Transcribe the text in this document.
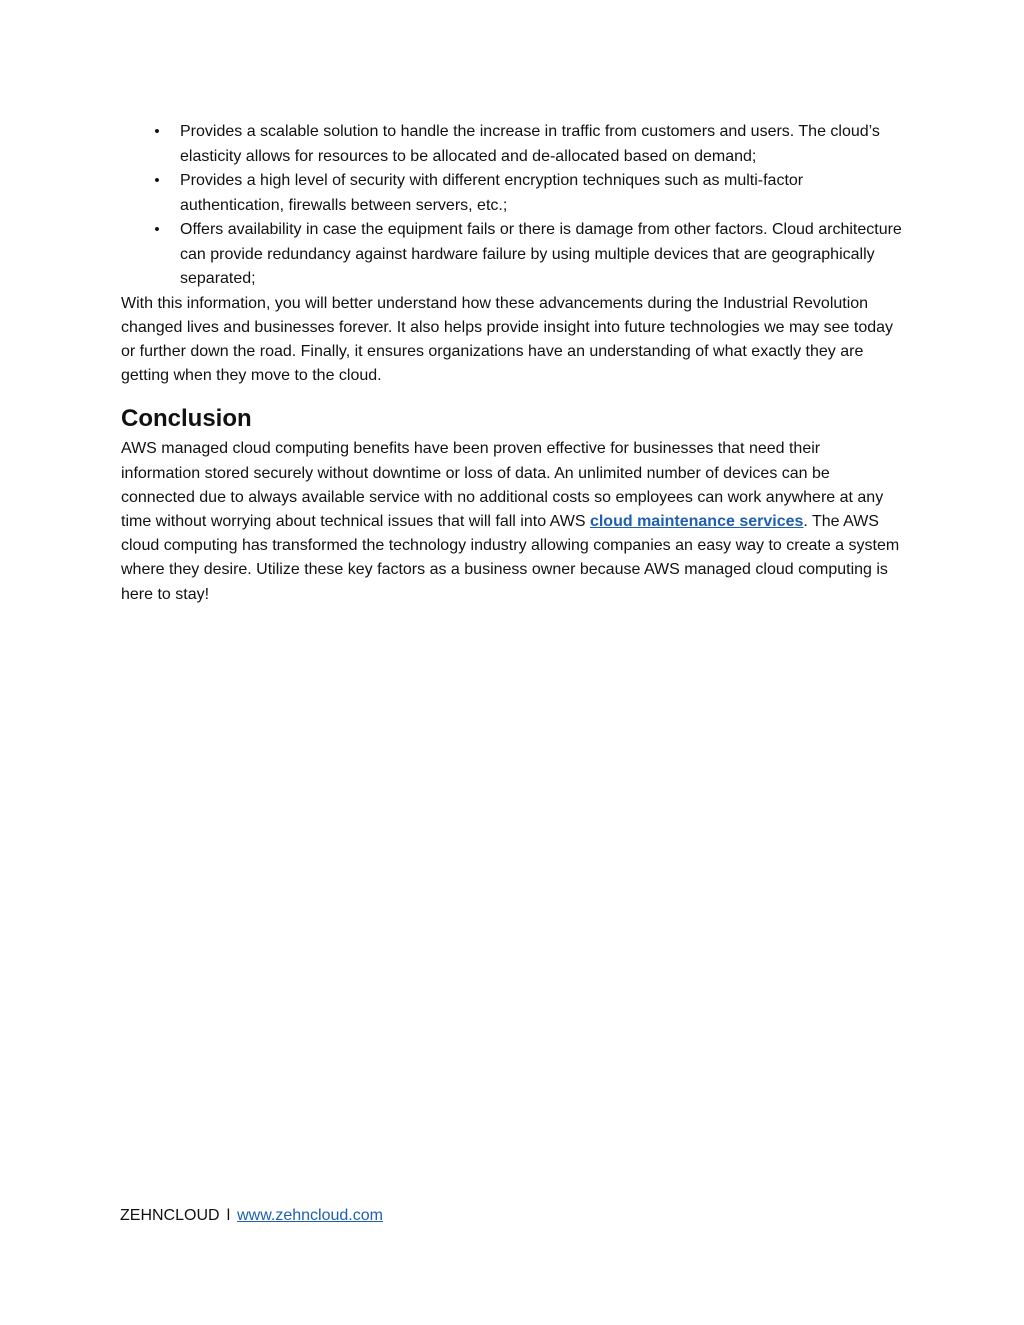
• Provides a scalable solution to handle the increase in traffic from customers and users. The cloud’s elasticity allows for resources to be allocated and de-allocated based on demand;
• Provides a high level of security with different encryption techniques such as multi-factor authentication, firewalls between servers, etc.;
• Offers availability in case the equipment fails or there is damage from other factors. Cloud architecture can provide redundancy against hardware failure by using multiple devices that are geographically separated;

With this information, you will better understand how these advancements during the Industrial Revolution changed lives and businesses forever. It also helps provide insight into future technologies we may see today or further down the road. Finally, it ensures organizations have an understanding of what exactly they are getting when they move to the cloud.

Conclusion

AWS managed cloud computing benefits have been proven effective for businesses that need their information stored securely without downtime or loss of data. An unlimited number of devices can be connected due to always available service with no additional costs so employees can work anywhere at any time without worrying about technical issues that will fall into AWS cloud maintenance services. The AWS cloud computing has transformed the technology industry allowing companies an easy way to create a system where they desire. Utilize these key factors as a business owner because AWS managed cloud computing is here to stay!

ZEHNCLOUD l www.zehncloud.com
